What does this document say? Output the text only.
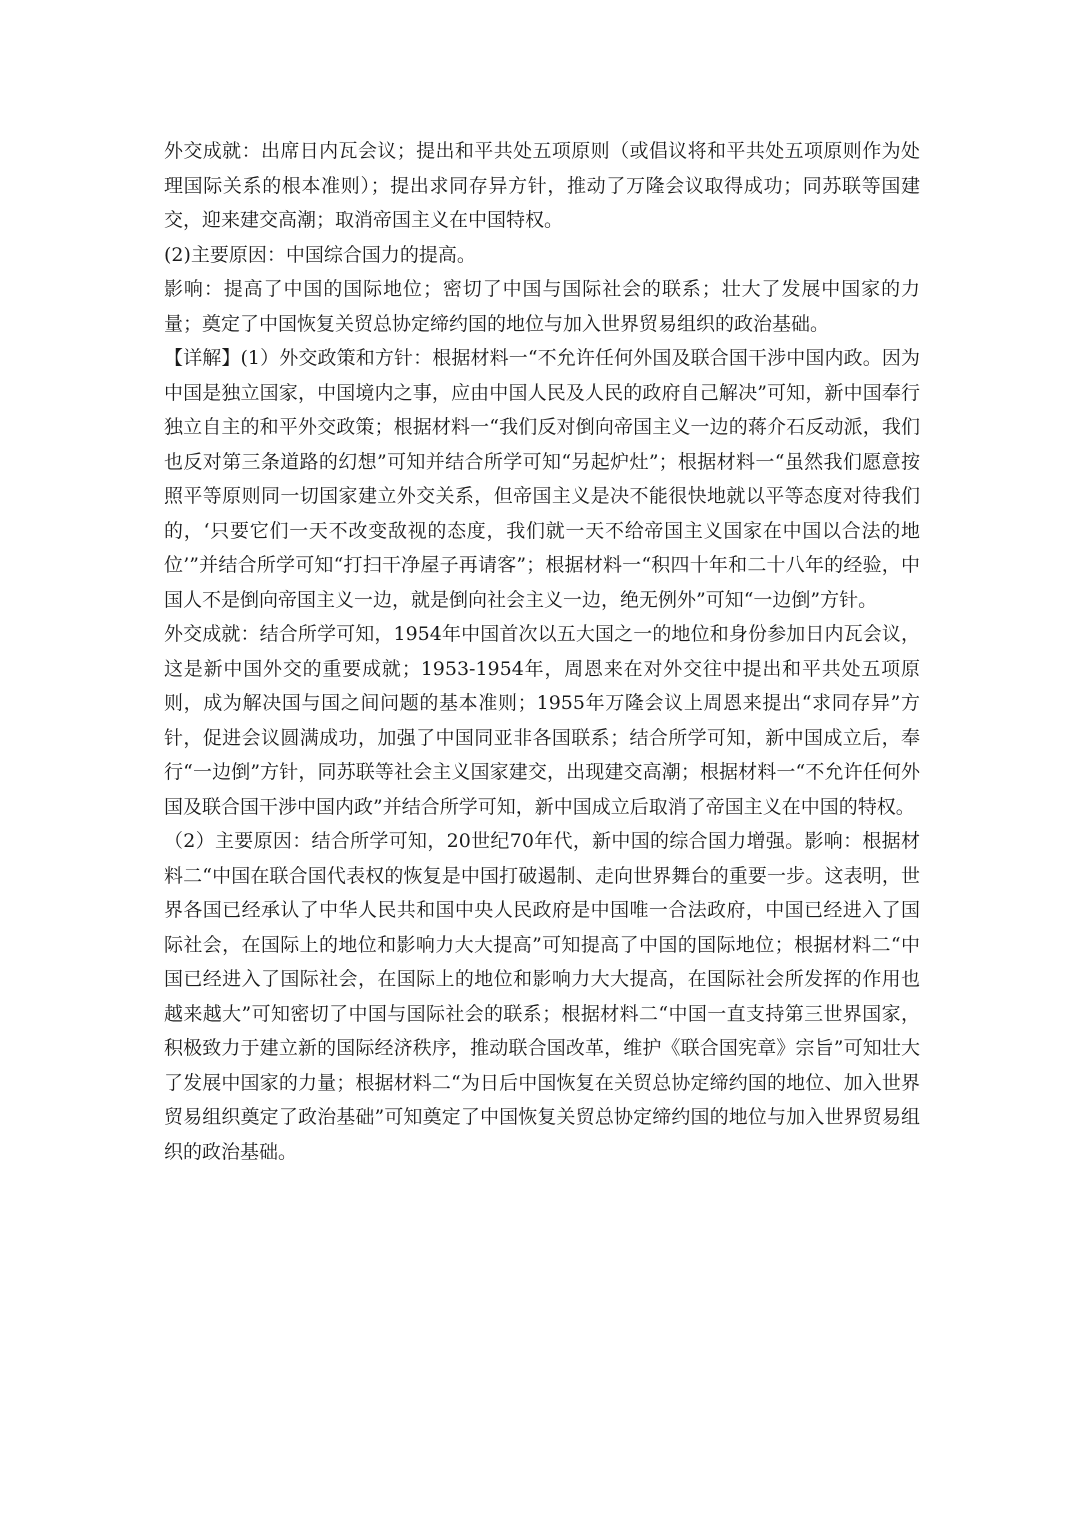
外交成就：出席日内瓦会议；提出和平共处五项原则（或倡议将和平共处五项原则作为处理国际关系的根本准则）；提出求同存异方针，推动了万隆会议取得成功；同苏联等国建交，迎来建交高潮；取消帝国主义在中国特权。

(2)主要原因：中国综合国力的提高。

影响：提高了中国的国际地位；密切了中国与国际社会的联系；壮大了发展中国家的力量；奠定了中国恢复关贸总协定缔约国的地位与加入世界贸易组织的政治基础。

【详解】(1）外交政策和方针：根据材料一“不允许任何外国及联合国干涉中国内政。因为中国是独立国家，中国境内之事，应由中国人民及人民的政府自己解决”可知，新中国奉行独立自主的和平外交政策；根据材料一“我们反对倒向帝国主义一边的蒋介石反动派，我们也反对第三条道路的幻想”可知并结合所学可知“另起炉灶”；根据材料一“虽然我们愿意按照平等原则同一切国家建立外交关系，但帝国主义是决不能很快地就以平等态度对待我们的，‘只要它们一天不改变敌视的态度，我们就一天不给帝国主义国家在中国以合法的地位’”并结合所学可知“打扫干净屋子再请客”；根据材料一“积四十年和二十八年的经验，中国人不是倒向帝国主义一边，就是倒向社会主义一边，绝无例外”可知“一边倒”方针。

外交成就：结合所学可知，1954年中国首次以五大国之一的地位和身份参加日内瓦会议，这是新中国外交的重要成就；1953-1954年，周恩来在对外交往中提出和平共处五项原则，成为解决国与国之间问题的基本准则；1955年万隆会议上周恩来提出“求同存异”方针，促进会议圆满成功，加强了中国同亚非各国联系；结合所学可知，新中国成立后，奉行“一边倒”方针，同苏联等社会主义国家建交，出现建交高潮；根据材料一“不允许任何外国及联合国干涉中国内政”并结合所学可知，新中国成立后取消了帝国主义在中国的特权。

（2）主要原因：结合所学可知，20世纪70年代，新中国的综合国力增强。影响：根据材料二“中国在联合国代表权的恢复是中国打破遏制、走向世界舞台的重要一步。这表明，世界各国已经承认了中华人民共和国中央人民政府是中国唯一合法政府，中国已经进入了国际社会，在国际上的地位和影响力大大提高”可知提高了中国的国际地位；根据材料二“中国已经进入了国际社会，在国际上的地位和影响力大大提高，在国际社会所发挥的作用也越来越大”可知密切了中国与国际社会的联系；根据材料二“中国一直支持第三世界国家，积极致力于建立新的国际经济秩序，推动联合国改革，维护《联合国宪章》宗旨”可知壮大了发展中国家的力量；根据材料二“为日后中国恢复在关贸总协定缔约国的地位、加入世界贸易组织奠定了政治基础”可知奠定了中国恢复关贸总协定缔约国的地位与加入世界贸易组织的政治基础。
